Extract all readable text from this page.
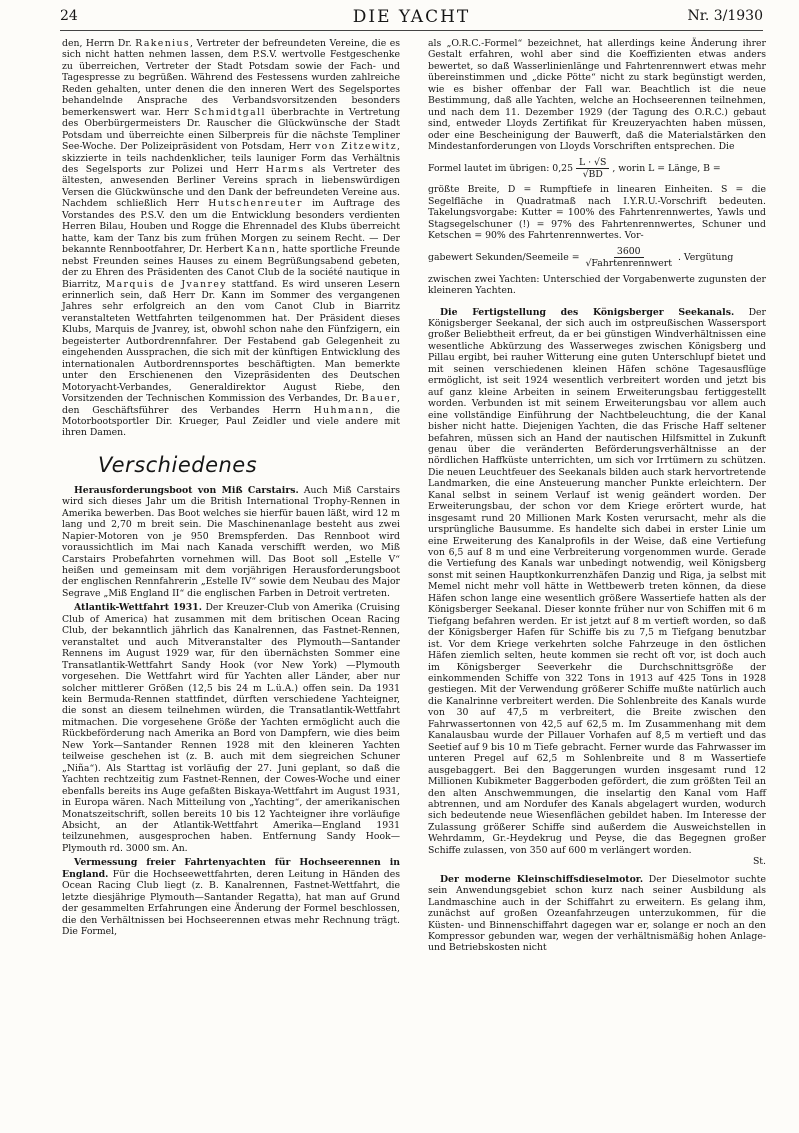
24	DIE YACHT	Nr. 3/1930

den, Herrn Dr. Rakenius, Vertreter der befreundeten Vereine, die es sich nicht hatten nehmen lassen, dem P.S.V. wertvolle Festgeschenke zu überreichen, Vertreter der Stadt Potsdam sowie der Fach- und Tagespresse zu begrüßen. Während des Festessens wurden zahlreiche Reden gehalten, unter denen die den inneren Wert des Segelsportes behandelnde Ansprache des Verbandsvorsitzenden besonders bemerkenswert war. Herr Schmidtgall überbrachte in Vertretung des Oberbürgermeisters Dr. Rauscher die Glückwünsche der Stadt Potsdam und überreichte einen Silberpreis für die nächste Templiner See-Woche. Der Polizeipräsident von Potsdam, Herr von Zitzewitz, skizzierte in teils nachdenklicher, teils launiger Form das Verhältnis des Segelsports zur Polizei und Herr Harms als Vertreter des ältesten, anwesenden Berliner Vereins sprach in liebenswürdigen Versen die Glückwünsche und den Dank der befreundeten Vereine aus. Nachdem schließlich Herr Hutschenreuter im Auftrage des Vorstandes des P.S.V. den um die Entwicklung besonders verdienten Herren Bilau, Houben und Rogge die Ehrennadel des Klubs überreicht hatte, kam der Tanz bis zum frühen Morgen zu seinem Recht. — Der bekannte Rennbootfahrer, Dr. Herbert Kann, hatte sportliche Freunde nebst Freunden seines Hauses zu einem Begrüßungsabend gebeten, der zu Ehren des Präsidenten des Canot Club de la société nautique in Biarritz, Marquis de Jvanrey stattfand. Es wird unseren Lesern erinnerlich sein, daß Herr Dr. Kann im Sommer des vergangenen Jahres sehr erfolgreich an den vom Canot Club in Biarritz veranstalteten Wettfahrten teilgenommen hat. Der Präsident dieses Klubs, Marquis de Jvanrey, ist, obwohl schon nahe den Fünfzigern, ein begeisterter Autbordrennfahrer. Der Festabend gab Gelegenheit zu eingehenden Aussprachen, die sich mit der künftigen Entwicklung des internationalen Autbordrennsportes beschäftigten. Man bemerkte unter den Erschienenen den Vizepräsidenten des Deutschen Motoryacht-Verbandes, Generaldirektor August Riebe, den Vorsitzenden der Technischen Kommission des Verbandes, Dr. Bauer, den Geschäftsführer des Verbandes Herrn Huhmann, die Motorbootsportler Dir. Krueger, Paul Zeidler und viele andere mit ihren Damen.

Verschiedenes

Herausforderungsboot von Miß Carstairs. Auch Miß Carstairs wird sich dieses Jahr um die British International Trophy-Rennen in Amerika bewerben. Das Boot welches sie hierfür bauen läßt, wird 12 m lang und 2,70 m breit sein. Die Maschinenanlage besteht aus zwei Napier-Motoren von je 950 Bremspferden. Das Rennboot wird voraussichtlich im Mai nach Kanada verschifft werden, wo Miß Carstairs Probefahrten vornehmen will. Das Boot soll „Estelle V“ heißen und gemeinsam mit dem vorjährigen Herausforderungsboot der englischen Rennfahrerin „Estelle IV“ sowie dem Neubau des Major Segrave „Miß England II“ die englischen Farben in Detroit vertreten.

Atlantik-Wettfahrt 1931. Der Kreuzer-Club von Amerika (Cruising Club of America) hat zusammen mit dem britischen Ocean Racing Club, der bekanntlich jährlich das Kanalrennen, das Fastnet-Rennen, veranstaltet und auch Mitveranstalter des Plymouth—Santander Rennens im August 1929 war, für den übernächsten Sommer eine Transatlantik-Wettfahrt Sandy Hook (vor New York) —Plymouth vorgesehen. Die Wettfahrt wird für Yachten aller Länder, aber nur solcher mittlerer Größen (12,5 bis 24 m L.ü.A.) offen sein. Da 1931 kein Bermuda-Rennen stattfindet, dürften verschiedene Yachteigner, die sonst an diesem teilnehmen würden, die Transatlantik-Wettfahrt mitmachen. Die vorgesehene Größe der Yachten ermöglicht auch die Rückbeförderung nach Amerika an Bord von Dampfern, wie dies beim New York—Santander Rennen 1928 mit den kleineren Yachten teilweise geschehen ist (z. B. auch mit dem siegreichen Schuner „Niña“). Als Starttag ist vorläufig der 27. Juni geplant, so daß die Yachten rechtzeitig zum Fastnet-Rennen, der Cowes-Woche und einer ebenfalls bereits ins Auge gefaßten Biskaya-Wettfahrt im August 1931, in Europa wären. Nach Mitteilung von „Yachting“, der amerikanischen Monatszeitschrift, sollen bereits 10 bis 12 Yachteigner ihre vorläufige Absicht, an der Atlantik-Wettfahrt Amerika—England 1931 teilzunehmen, ausgesprochen haben. Entfernung Sandy Hook—Plymouth rd. 3000 sm. An.

Vermessung freier Fahrtenyachten für Hochseerennen in England. Für die Hochseewettfahrten, deren Leitung in Händen des Ocean Racing Club liegt (z. B. Kanalrennen, Fastnet-Wettfahrt, die letzte diesjährige Plymouth—Santander Regatta), hat man auf Grund der gesammelten Erfahrungen eine Änderung der Formel beschlossen, die den Verhältnissen bei Hochseerennen etwas mehr Rechnung trägt. Die Formel,

als „O.R.C.-Formel“ bezeichnet, hat allerdings keine Änderung ihrer Gestalt erfahren, wohl aber sind die Koeffizienten etwas anders bewertet, so daß Wasserlinienlänge und Fahrtenrennwert etwas mehr übereinstimmen und „dicke Pötte“ nicht zu stark begünstigt werden, wie es bisher offenbar der Fall war. Beachtlich ist die neue Bestimmung, daß alle Yachten, welche an Hochseerennen teilnehmen, und nach dem 11. Dezember 1929 (der Tagung des O.R.C.) gebaut sind, entweder Lloyds Zertifikat für Kreuzeryachten haben müssen, oder eine Bescheinigung der Bauwerft, daß die Materialstärken den Mindestanforderungen von Lloyds Vorschriften entsprechen. Die

Formel lautet im übrigen: $0,25 \frac{L \cdot √S}{√BD}$ , worin L = Länge, B =

größte Breite, D = Rumpftiefe in linearen Einheiten. S = die Segelfläche in Quadratmaß nach I.Y.R.U.-Vorschrift bedeuten. Takelungsvorgabe: Kutter = 100% des Fahrtenrennwertes, Yawls und Stagsegelschuner (!) = 97% des Fahrtenrennwertes, Schuner und Ketschen = 90% des Fahrtenrennwertes. Vor-

gabewert Sekunden/Seemeile = $\frac{3600}{\text{√Fahrtenrennwert}}$ . Vergütung

zwischen zwei Yachten: Unterschied der Vorgabenwerte zugunsten der kleineren Yachten.

Die Fertigstellung des Königsberger Seekanals. Der Königsberger Seekanal, der sich auch im ostpreußischen Wassersport großer Beliebtheit erfreut, da er bei günstigen Windverhältnissen eine wesentliche Abkürzung des Wasserweges zwischen Königsberg und Pillau ergibt, bei rauher Witterung eine guten Unterschlupf bietet und mit seinen verschiedenen kleinen Häfen schöne Tagesausflüge ermöglicht, ist seit 1924 wesentlich verbreitert worden und jetzt bis auf ganz kleine Arbeiten in seinem Erweiterungsbau fertiggestellt worden. Verbunden ist mit seinem Erweiterungsbau vor allem auch eine vollständige Einführung der Nachtbeleuchtung, die der Kanal bisher nicht hatte. Diejenigen Yachten, die das Frische Haff seltener befahren, müssen sich an Hand der nautischen Hilfsmittel in Zukunft genau über die veränderten Beförderungsverhältnisse an der nördlichen Haffküste unterrichten, um sich vor Irrtümern zu schützen. Die neuen Leuchtfeuer des Seekanals bilden auch stark hervortretende Landmarken, die eine Ansteuerung mancher Punkte erleichtern. Der Kanal selbst in seinem Verlauf ist wenig geändert worden. Der Erweiterungsbau, der schon vor dem Kriege erörtert wurde, hat insgesamt rund 20 Millionen Mark Kosten verursacht, mehr als die ursprüngliche Bausumme. Es handelte sich dabei in erster Linie um eine Erweiterung des Kanalprofils in der Weise, daß eine Vertiefung von 6,5 auf 8 m und eine Verbreiterung vorgenommen wurde. Gerade die Vertiefung des Kanals war unbedingt notwendig, weil Königsberg sonst mit seinen Hauptkonkurrenzhäfen Danzig und Riga, ja selbst mit Memel nicht mehr voll hätte in Wettbewerb treten können, da diese Häfen schon lange eine wesentlich größere Wassertiefe hatten als der Königsberger Seekanal. Dieser konnte früher nur von Schiffen mit 6 m Tiefgang befahren werden. Er ist jetzt auf 8 m vertieft worden, so daß der Königsberger Hafen für Schiffe bis zu 7,5 m Tiefgang benutzbar ist. Vor dem Kriege verkehrten solche Fahrzeuge in den östlichen Häfen ziemlich selten, heute kommen sie recht oft vor, ist doch auch im Königsberger Seeverkehr die Durchschnittsgröße der einkommenden Schiffe von 322 Tons in 1913 auf 425 Tons in 1928 gestiegen. Mit der Verwendung größerer Schiffe mußte natürlich auch die Kanalrinne verbreitert werden. Die Sohlenbreite des Kanals wurde von 30 auf 47,5 m verbreitert, die Breite zwischen den Fahrwassertonnen von 42,5 auf 62,5 m. Im Zusammenhang mit dem Kanalausbau wurde der Pillauer Vorhafen auf 8,5 m vertieft und das Seetief auf 9 bis 10 m Tiefe gebracht. Ferner wurde das Fahrwasser im unteren Pregel auf 62,5 m Sohlenbreite und 8 m Wassertiefe ausgebaggert. Bei den Baggerungen wurden insgesamt rund 12 Millionen Kubikmeter Baggerboden gefördert, die zum größten Teil an den alten Anschwemmungen, die inselartig den Kanal vom Haff abtrennen, und am Nordufer des Kanals abgelagert wurden, wodurch sich bedeutende neue Wiesenflächen gebildet haben. Im Interesse der Zulassung größerer Schiffe sind außerdem die Ausweichstellen in Wehrdamm, Gr.-Heydekrug und Peyse, die das Begegnen großer Schiffe zulassen, von 350 auf 600 m verlängert worden.

St.

Der moderne Kleinschiffsdieselmotor. Der Dieselmotor suchte sein Anwendungsgebiet schon kurz nach seiner Ausbildung als Landmaschine auch in der Schiffahrt zu erweitern. Es gelang ihm, zunächst auf großen Ozeanfahrzeugen unterzukommen, für die Küsten- und Binnenschiffahrt dagegen war er, solange er noch an den Kompressor gebunden war, wegen der verhältnismäßig hohen Anlage- und Betriebskosten nicht
